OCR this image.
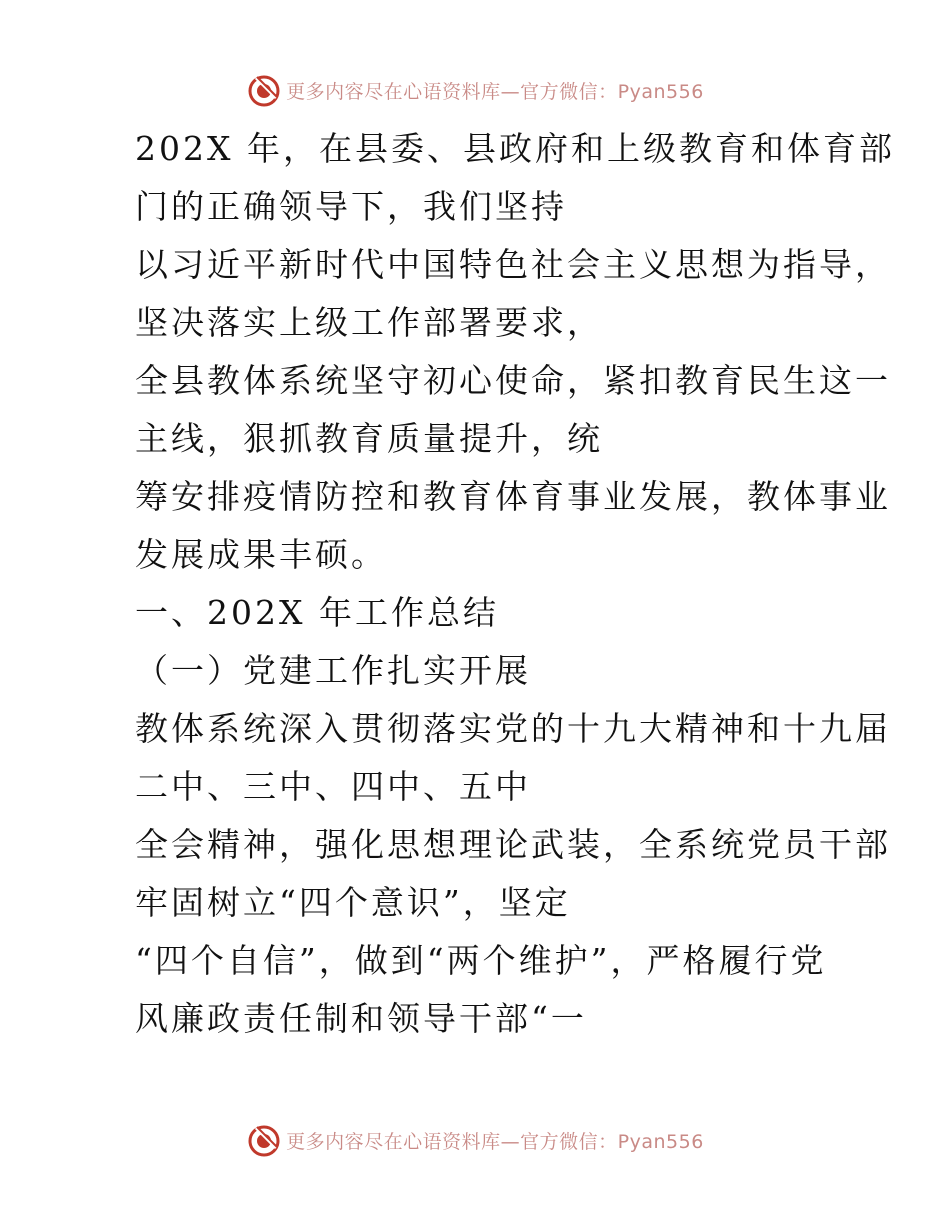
更多内容尽在心语资料库—官方微信：Pyan556

202X 年，在县委、县政府和上级教育和体育部
门的正确领导下，我们坚持

以习近平新时代中国特色社会主义思想为指导，
坚决落实上级工作部署要求，

全县教体系统坚守初心使命，紧扣教育民生这一
主线，狠抓教育质量提升，统

筹安排疫情防控和教育体育事业发展，教体事业
发展成果丰硕。

一、202X 年工作总结

（一）党建工作扎实开展

教体系统深入贯彻落实党的十九大精神和十九届
二中、三中、四中、五中

全会精神，强化思想理论武装，全系统党员干部
牢固树立“四个意识”，坚定

“四个自信”，做到“两个维护”，严格履行党
风廉政责任制和领导干部“一

更多内容尽在心语资料库—官方微信：Pyan556
